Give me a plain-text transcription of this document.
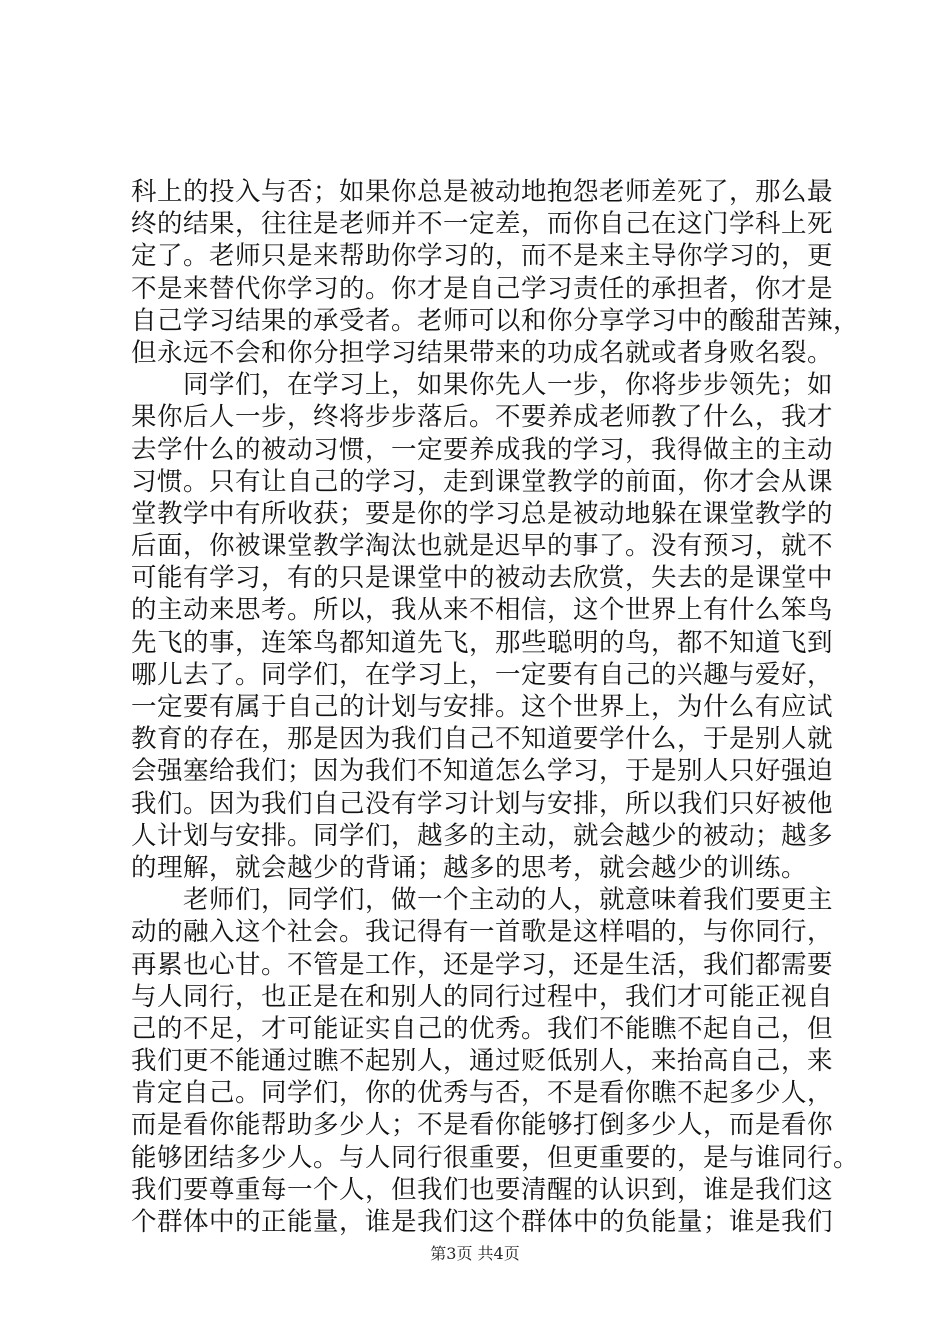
科上的投入与否；如果你总是被动地抱怨老师差死了，那么最
终的结果，往往是老师并不一定差，而你自己在这门学科上死
定了。老师只是来帮助你学习的，而不是来主导你学习的，更
不是来替代你学习的。你才是自己学习责任的承担者，你才是
自己学习结果的承受者。老师可以和你分享学习中的酸甜苦辣，
但永远不会和你分担学习结果带来的功成名就或者身败名裂。
同学们，在学习上，如果你先人一步，你将步步领先；如
果你后人一步，终将步步落后。不要养成老师教了什么，我才
去学什么的被动习惯，一定要养成我的学习，我得做主的主动
习惯。只有让自己的学习，走到课堂教学的前面，你才会从课
堂教学中有所收获；要是你的学习总是被动地躲在课堂教学的
后面，你被课堂教学淘汰也就是迟早的事了。没有预习，就不
可能有学习，有的只是课堂中的被动去欣赏，失去的是课堂中
的主动来思考。所以，我从来不相信，这个世界上有什么笨鸟
先飞的事，连笨鸟都知道先飞，那些聪明的鸟，都不知道飞到
哪儿去了。同学们，在学习上，一定要有自己的兴趣与爱好，
一定要有属于自己的计划与安排。这个世界上，为什么有应试
教育的存在，那是因为我们自己不知道要学什么，于是别人就
会强塞给我们；因为我们不知道怎么学习，于是别人只好强迫
我们。因为我们自己没有学习计划与安排，所以我们只好被他
人计划与安排。同学们，越多的主动，就会越少的被动；越多
的理解，就会越少的背诵；越多的思考，就会越少的训练。
老师们，同学们，做一个主动的人，就意味着我们要更主
动的融入这个社会。我记得有一首歌是这样唱的，与你同行，
再累也心甘。不管是工作，还是学习，还是生活，我们都需要
与人同行，也正是在和别人的同行过程中，我们才可能正视自
己的不足，才可能证实自己的优秀。我们不能瞧不起自己，但
我们更不能通过瞧不起别人，通过贬低别人，来抬高自己，来
肯定自己。同学们，你的优秀与否，不是看你瞧不起多少人，
而是看你能帮助多少人；不是看你能够打倒多少人，而是看你
能够团结多少人。与人同行很重要，但更重要的，是与谁同行。
我们要尊重每一个人，但我们也要清醒的认识到，谁是我们这
个群体中的正能量，谁是我们这个群体中的负能量；谁是我们
第3页 共4页
